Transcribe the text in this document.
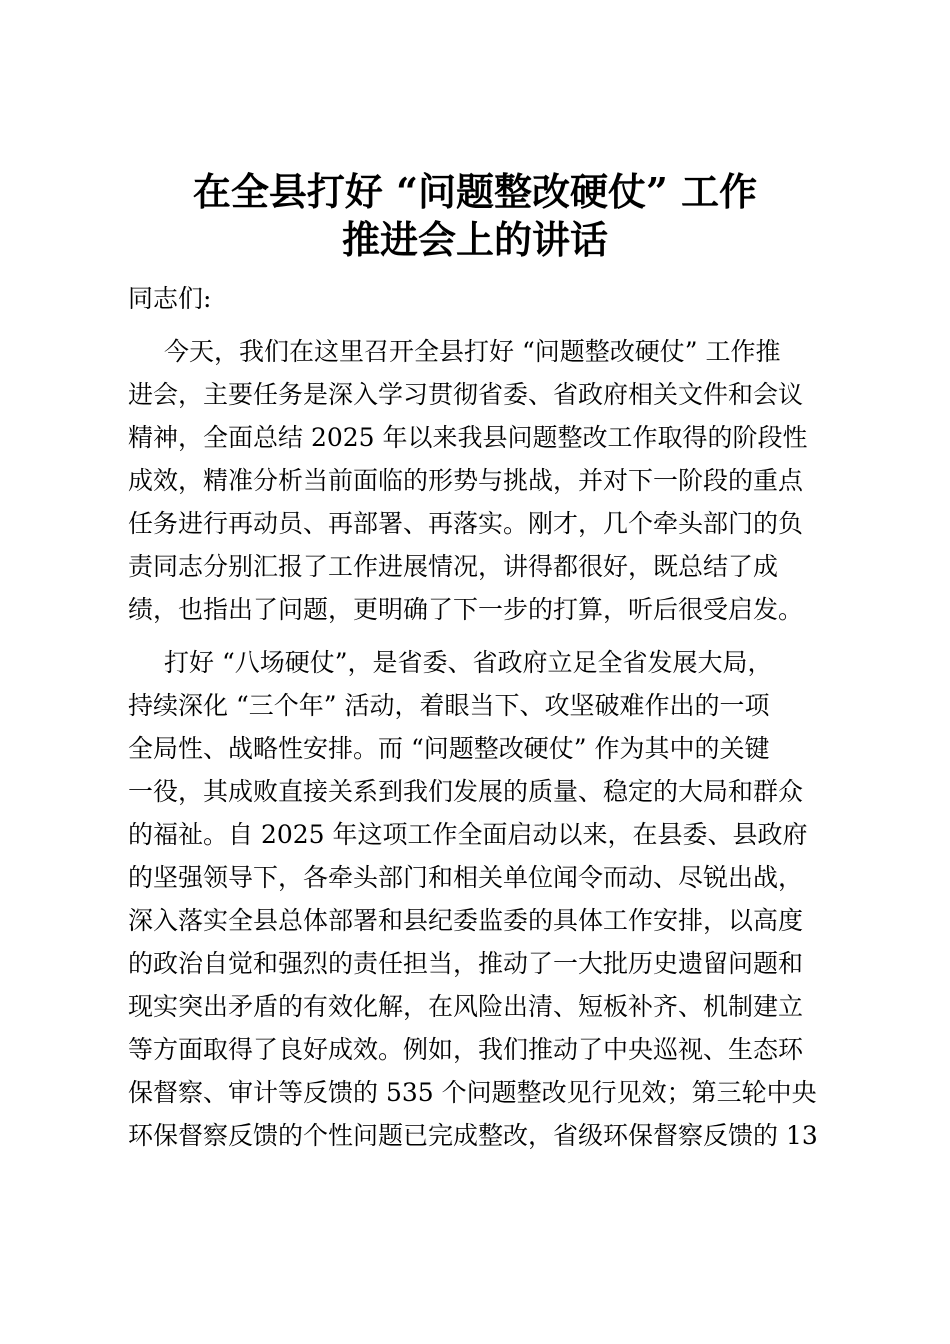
在全县打好 “问题整改硬仗” 工作
推进会上的讲话
同志们:
今天，我们在这里召开全县打好 “问题整改硬仗” 工作推
进会，主要任务是深入学习贯彻省委、省政府相关文件和会议
精神，全面总结 2025 年以来我县问题整改工作取得的阶段性
成效，精准分析当前面临的形势与挑战，并对下一阶段的重点
任务进行再动员、再部署、再落实。刚才，几个牵头部门的负
责同志分别汇报了工作进展情况，讲得都很好，既总结了成
绩，也指出了问题，更明确了下一步的打算，听后很受启发。
打好 “八场硬仗”，是省委、省政府立足全省发展大局，
持续深化 “三个年” 活动，着眼当下、攻坚破难作出的一项
全局性、战略性安排。而 “问题整改硬仗” 作为其中的关键
一役，其成败直接关系到我们发展的质量、稳定的大局和群众
的福祉。自 2025 年这项工作全面启动以来，在县委、县政府
的坚强领导下，各牵头部门和相关单位闻令而动、尽锐出战，
深入落实全县总体部署和县纪委监委的具体工作安排，以高度
的政治自觉和强烈的责任担当，推动了一大批历史遗留问题和
现实突出矛盾的有效化解，在风险出清、短板补齐、机制建立
等方面取得了良好成效。例如，我们推动了中央巡视、生态环
保督察、审计等反馈的 535 个问题整改见行见效；第三轮中央
环保督察反馈的个性问题已完成整改，省级环保督察反馈的 13
